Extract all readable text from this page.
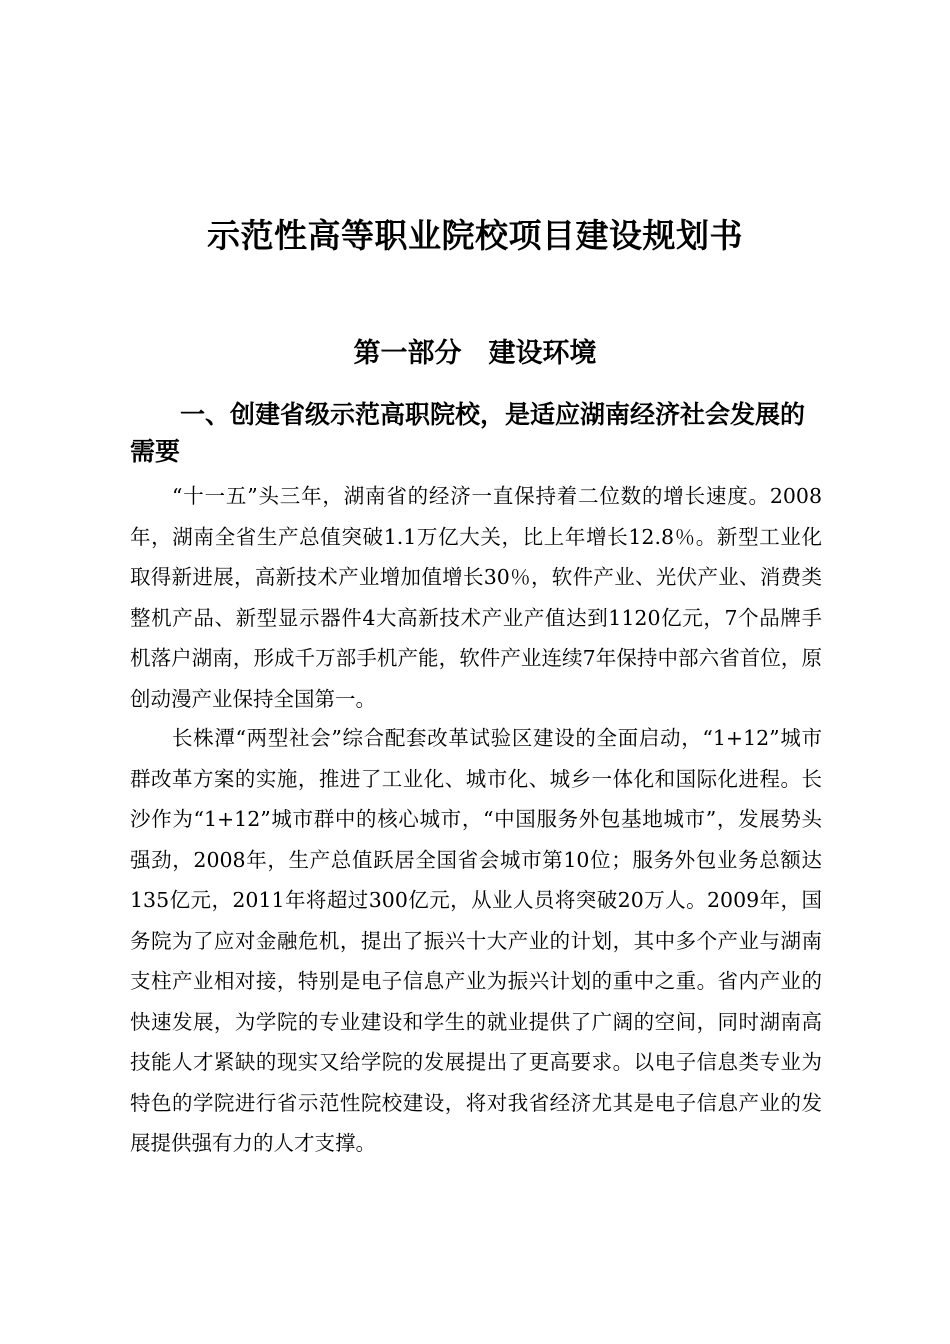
示范性高等职业院校项目建设规划书
第一部分　建设环境
一、创建省级示范高职院校，是适应湖南经济社会发展的需要

“十一五”头三年，湖南省的经济一直保持着二位数的增长速度。2008年，湖南全省生产总值突破1.1万亿大关，比上年增长12.8％。新型工业化取得新进展，高新技术产业增加值增长30％，软件产业、光伏产业、消费类整机产品、新型显示器件4大高新技术产业产值达到1120亿元，7个品牌手机落户湖南，形成千万部手机产能，软件产业连续7年保持中部六省首位，原创动漫产业保持全国第一。

长株潭“两型社会”综合配套改革试验区建设的全面启动，“1+12”城市群改革方案的实施，推进了工业化、城市化、城乡一体化和国际化进程。长沙作为“1+12”城市群中的核心城市，“中国服务外包基地城市”，发展势头强劲，2008年，生产总值跃居全国省会城市第10位；服务外包业务总额达135亿元，2011年将超过300亿元，从业人员将突破20万人。2009年，国务院为了应对金融危机，提出了振兴十大产业的计划，其中多个产业与湖南支柱产业相对接，特别是电子信息产业为振兴计划的重中之重。省内产业的快速发展，为学院的专业建设和学生的就业提供了广阔的空间，同时湖南高技能人才紧缺的现实又给学院的发展提出了更高要求。以电子信息类专业为特色的学院进行省示范性院校建设，将对我省经济尤其是电子信息产业的发展提供强有力的人才支撑。
